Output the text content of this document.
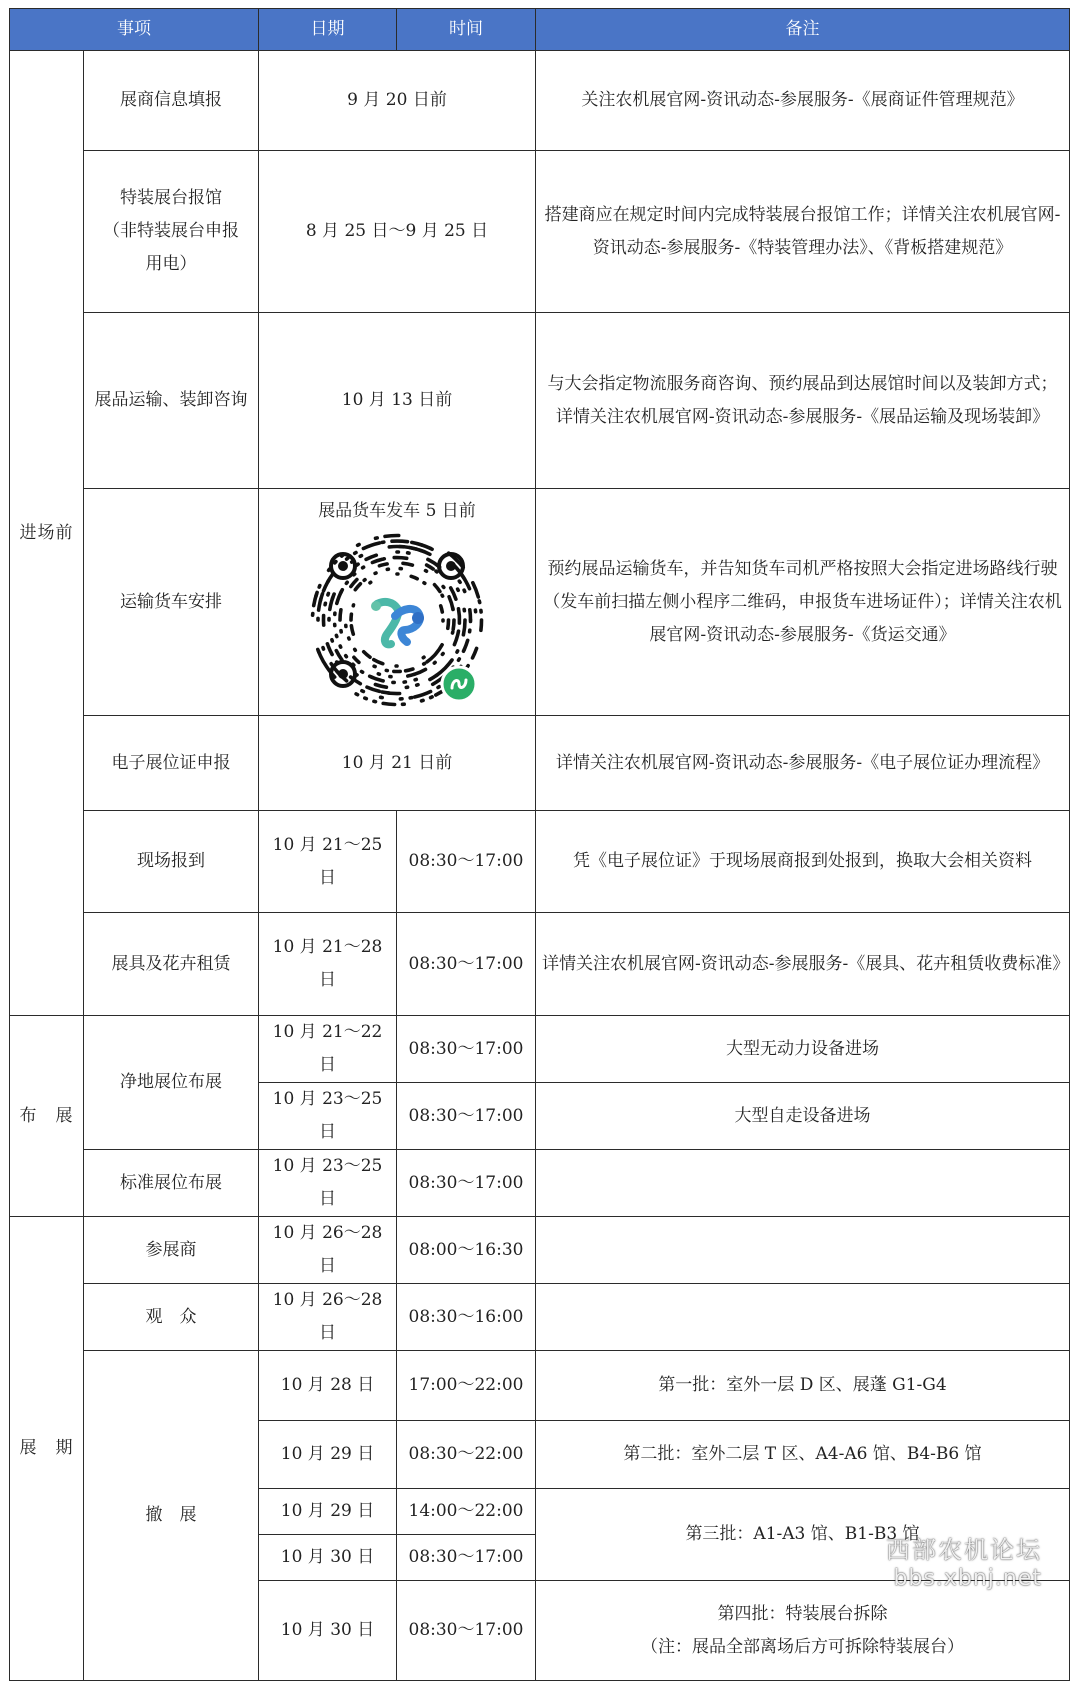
事项		日期	时间	备注
进场前	展商信息填报	9 月 20 日前		关注农机展官网-资讯动态-参展服务-《展商证件管理规范》

	特装展台报馆
（非特装展台申报
用电）	8 月 25 日～9 月 25 日		搭建商应在规定时间内完成特装展台报馆工作；详情关注农机展官网-资讯动态-参展服务-《特装管理办法》、《背板搭建规范》
	展品运输、装卸咨询	10 月 13 日前		与大会指定物流服务商咨询、预约展品到达展馆时间以及装卸方式；详情关注农机展官网-资讯动态-参展服务-《展品运输及现场装卸》
	运输货车安排	展品货车发车 5 日前		预约展品运输货车，并告知货车司机严格按照大会指定进场路线行驶（发车前扫描左侧小程序二维码，申报货车进场证件）；详情关注农机展官网-资讯动态-参展服务-《货运交通》
	电子展位证申报	10 月 21 日前		详情关注农机展官网-资讯动态-参展服务-《电子展位证办理流程》
	现场报到	10 月 21～25 日	08:30～17:00	凭《电子展位证》于现场展商报到处报到，换取大会相关资料
	展具及花卉租赁	10 月 21～28 日	08:30～17:00	详情关注农机展官网-资讯动态-参展服务-《展具、花卉租赁收费标准》
布　展	净地展位布展	10 月 21～22 日	08:30～17:00	大型无动力设备进场
		10 月 23～25 日	08:30～17:00	大型自走设备进场
	标准展位布展	10 月 23～25 日	08:30～17:00	
展　期	参展商	10 月 26～28 日	08:00～16:30	
	观　众	10 月 26～28 日	08:30～16:00	
	撤　展	10 月 28 日	17:00～22:00	第一批：室外一层 D 区、展蓬 G1-G4
		10 月 29 日	08:30～22:00	第二批：室外二层 T 区、A4-A6 馆、B4-B6 馆
		10 月 29 日	14:00～22:00	第三批：A1-A3 馆、B1-B3 馆
		10 月 30 日	08:30～17:00	
		10 月 30 日	08:30～17:00	第四批：特装展台拆除
（注：展品全部离场后方可拆除特装展台）
西部农机论坛
bbs.xbnj.net
